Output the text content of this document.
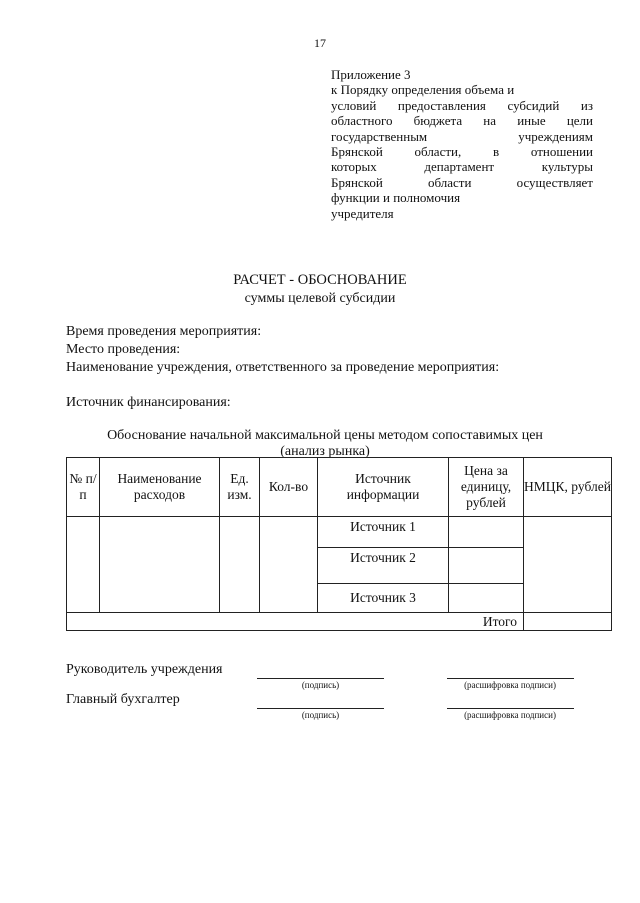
17
Приложение 3
к Порядку определения объема и
условий предоставления субсидий из
областного бюджета на иные цели
государственным учреждениям
Брянской области, в отношении
которых департамент культуры
Брянской области осуществляет
функции и полномочия
учредителя
РАСЧЕТ - ОБОСНОВАНИЕ
суммы целевой субсидии
Время проведения мероприятия:
Место проведения:
Наименование учреждения, ответственного за проведение мероприятия:
Источник финансирования:
Обоснование начальной максимальной цены методом сопоставимых цен
(анализ рынка)
№ п/п	Наименование расходов	Ед. изм.	Кол-во	Источник информации	Цена за единицу, рублей	НМЦК, рублей
				Источник 1		
				Источник 2		
				Источник 3		
Итого						
Руководитель учреждения
(подпись)	(расшифровка подписи)
Главный бухгалтер
(подпись)	(расшифровка подписи)
